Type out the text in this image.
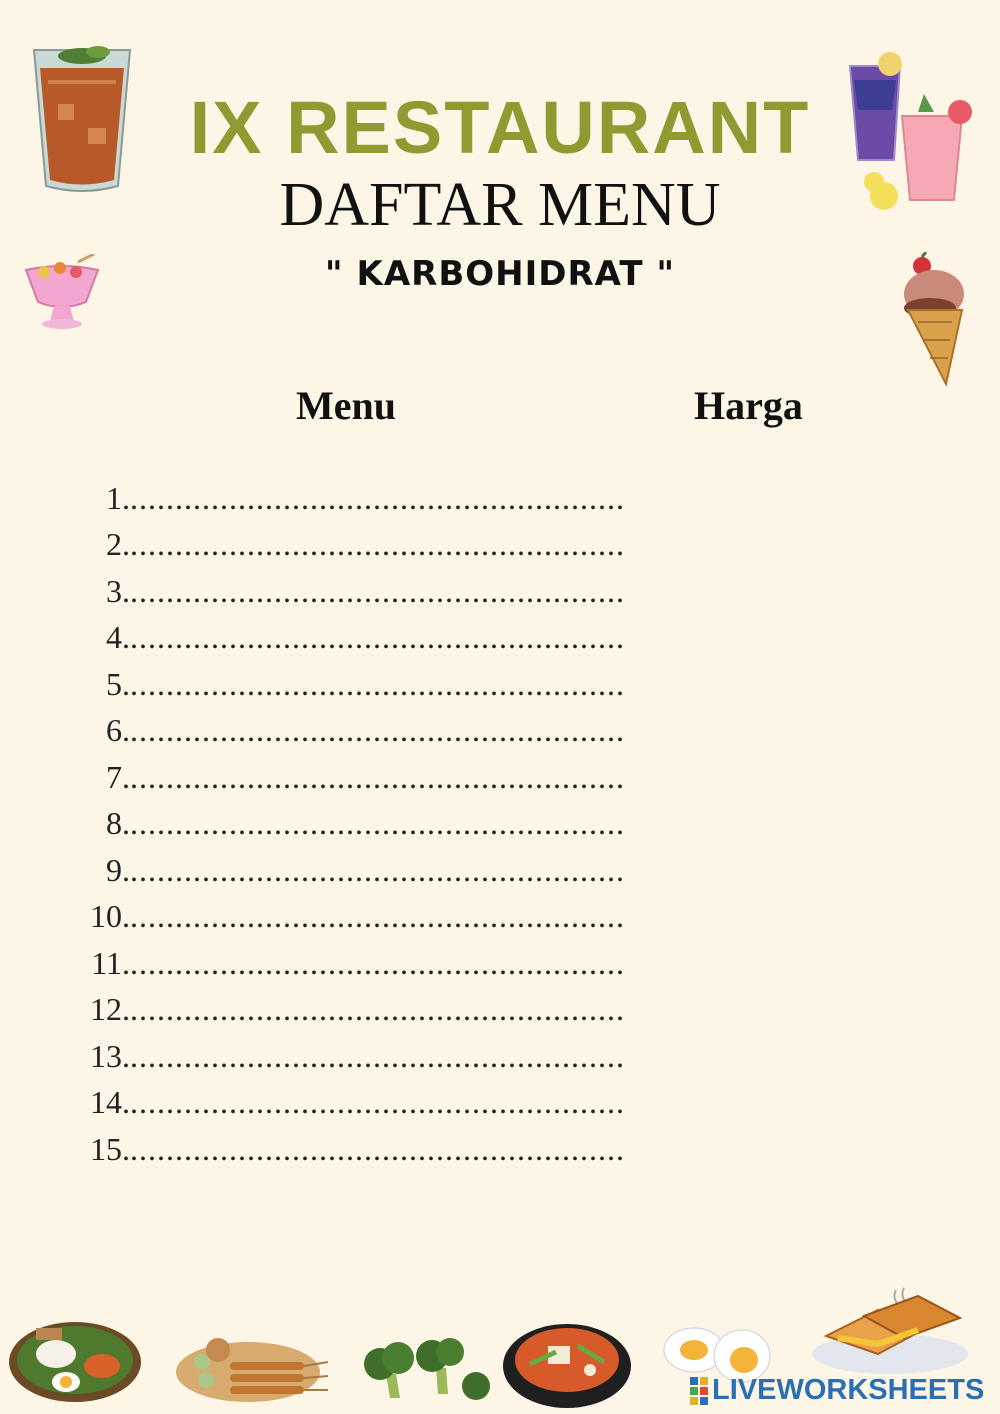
IX RESTAURANT
DAFTAR MENU
" KARBOHIDRAT "
Menu	Harga
1. .......................................................
2. .......................................................
3. .......................................................
4. .......................................................
5. .......................................................
6. .......................................................
7. .......................................................
8. .......................................................
9. .......................................................
10. .......................................................
11. .......................................................
12. .......................................................
13. .......................................................
14. .......................................................
15. .......................................................
LIVEWORKSHEETS
